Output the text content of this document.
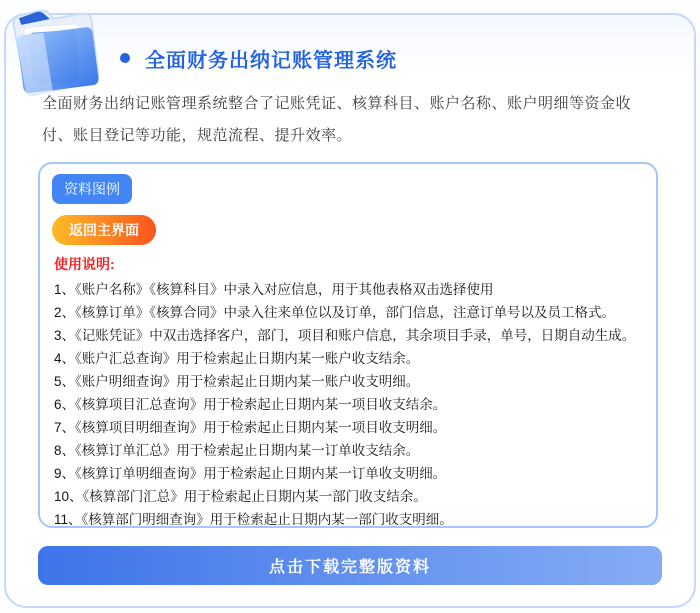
全面财务出纳记账管理系统

全面财务出纳记账管理系统整合了记账凭证、核算科目、账户名称、账户明细等资金收付、账目登记等功能，规范流程、提升效率。

资料图例
返回主界面
使用说明:
1、《账户名称》《核算科目》中录入对应信息，用于其他表格双击选择使用
2、《核算订单》《核算合同》中录入往来单位以及订单，部门信息，注意订单号以及员工格式。
3、《记账凭证》中双击选择客户，部门，项目和账户信息，其余项目手录，单号，日期自动生成。
4、《账户汇总查询》用于检索起止日期内某一账户收支结余。
5、《账户明细查询》用于检索起止日期内某一账户收支明细。
6、《核算项目汇总查询》用于检索起止日期内某一项目收支结余。
7、《核算项目明细查询》用于检索起止日期内某一项目收支明细。
8、《核算订单汇总》用于检索起止日期内某一订单收支结余。
9、《核算订单明细查询》用于检索起止日期内某一订单收支明细。
10、《核算部门汇总》用于检索起止日期内某一部门收支结余。
11、《核算部门明细查询》用于检索起止日期内某一部门收支明细。
点击下载完整版资料
